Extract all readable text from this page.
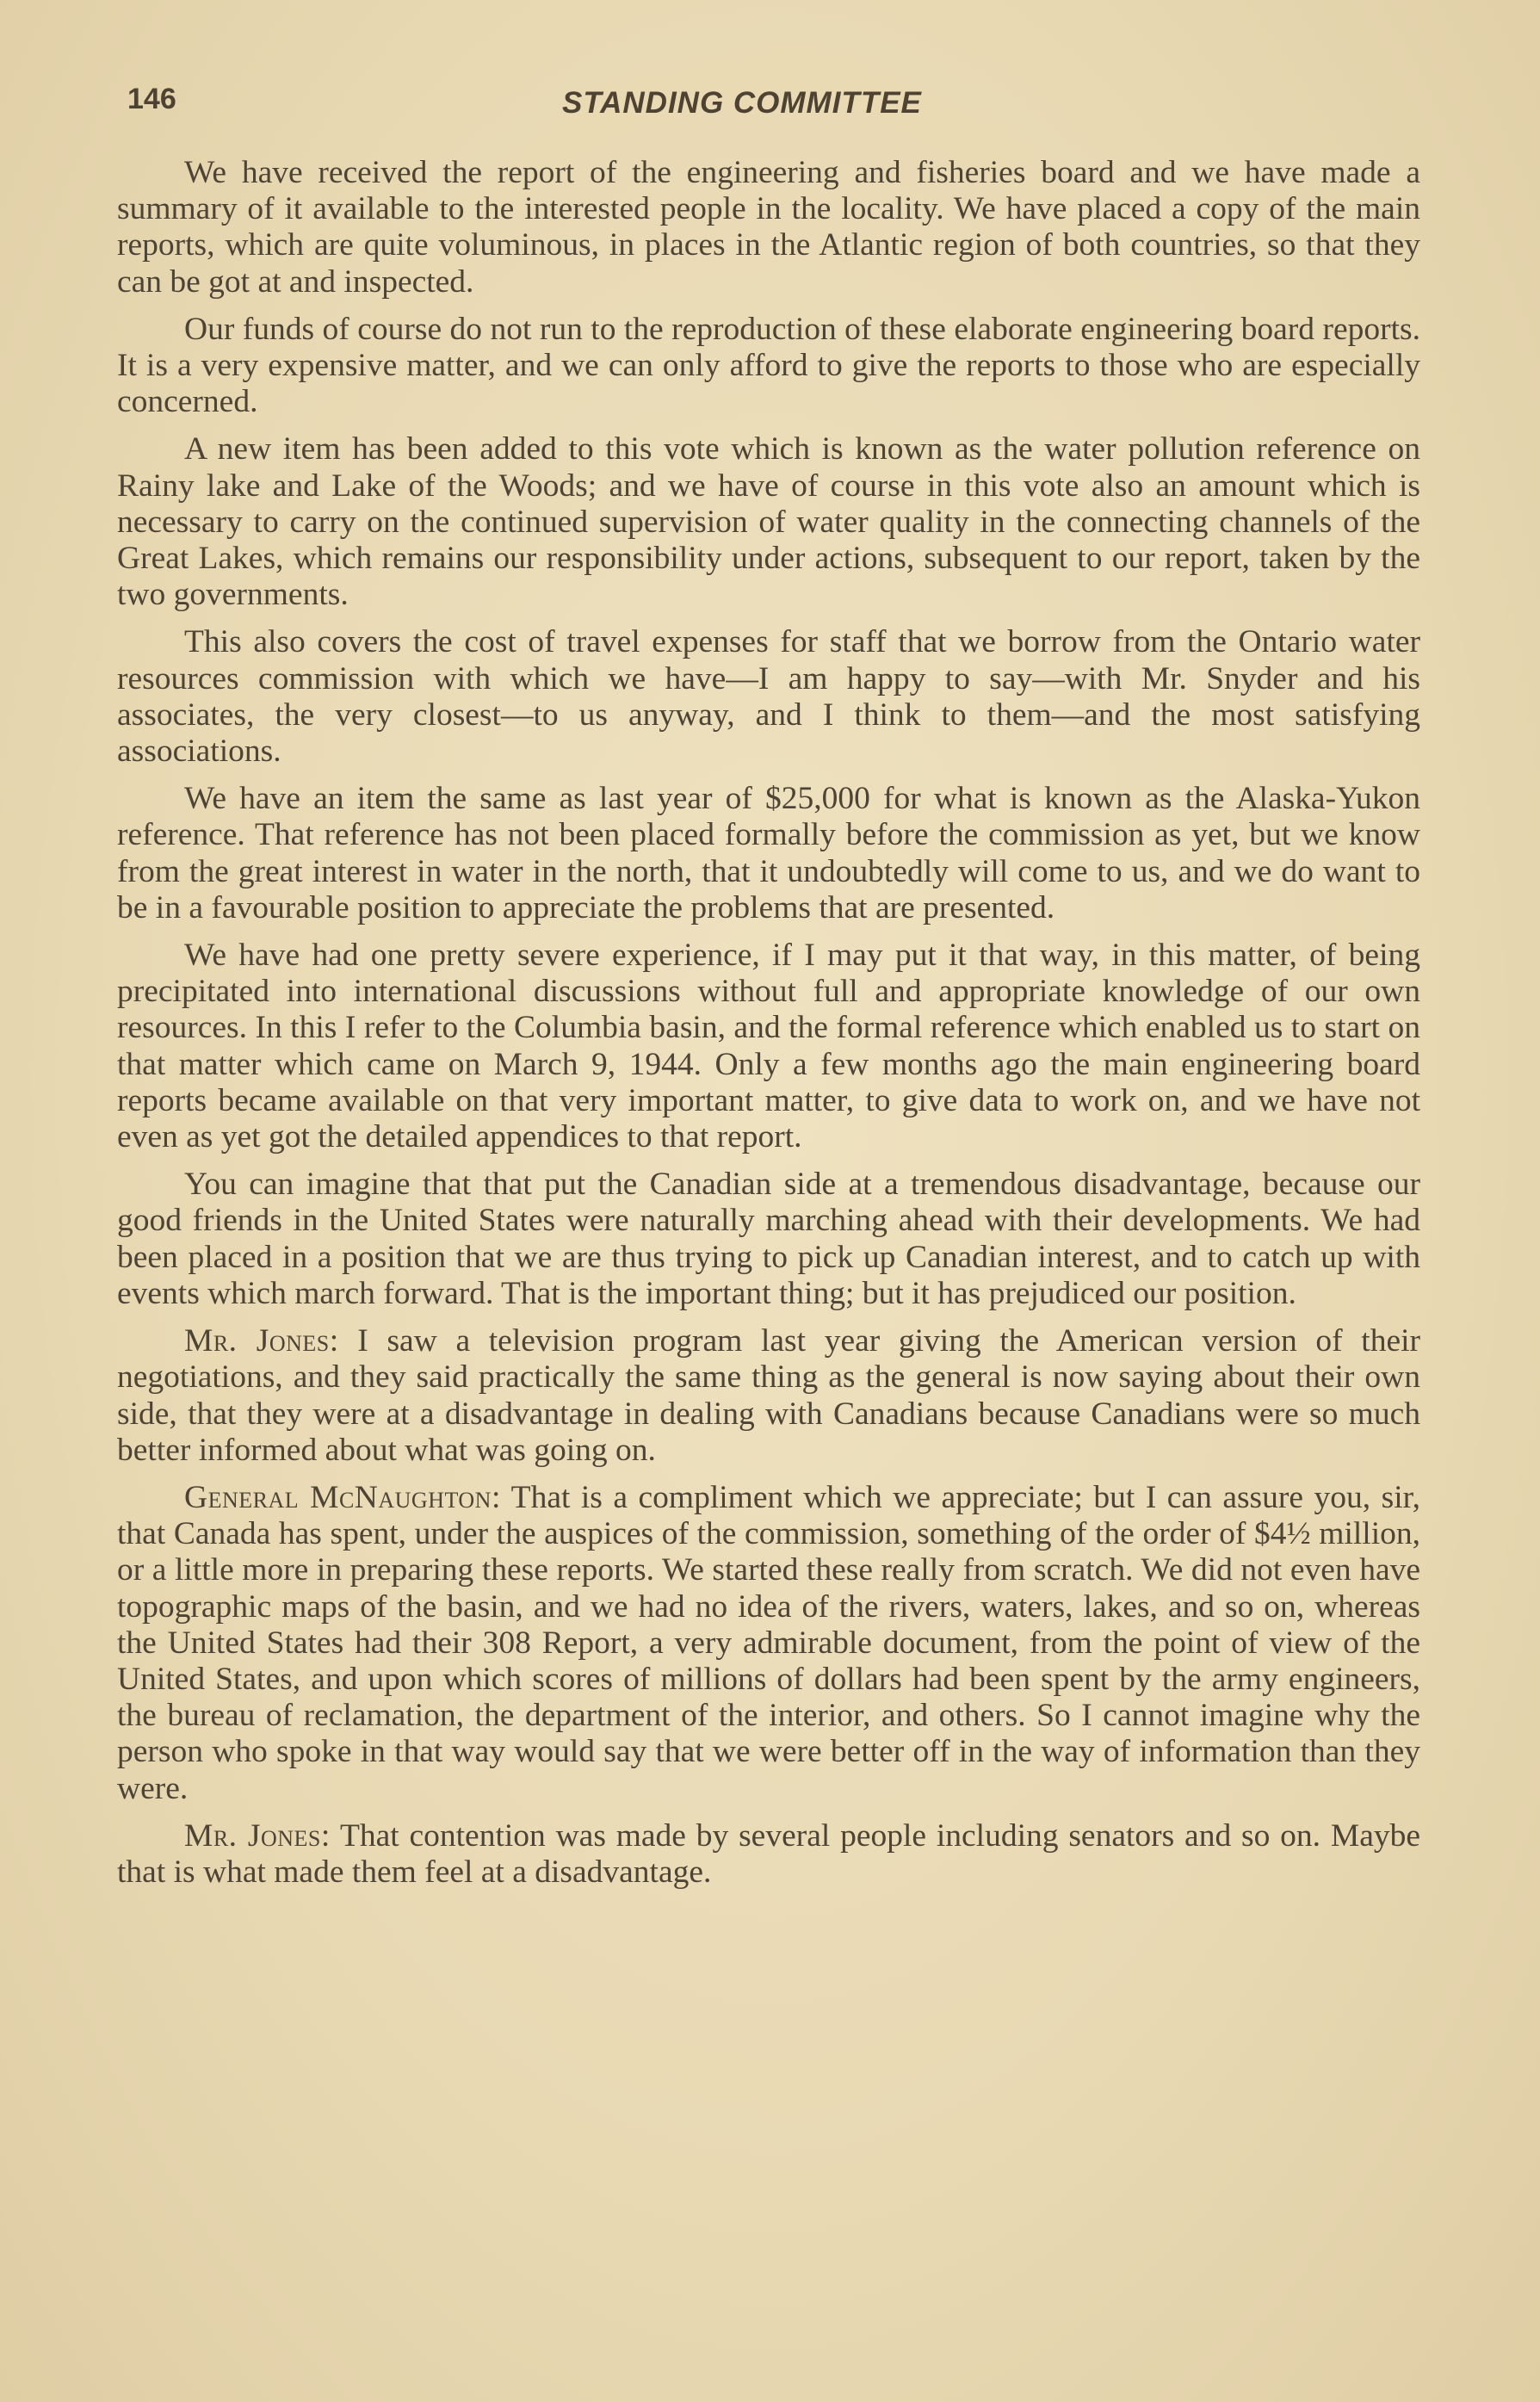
146	STANDING COMMITTEE

We have received the report of the engineering and fisheries board and we have made a summary of it available to the interested people in the locality. We have placed a copy of the main reports, which are quite voluminous, in places in the Atlantic region of both countries, so that they can be got at and inspected.

Our funds of course do not run to the reproduction of these elaborate engineering board reports. It is a very expensive matter, and we can only afford to give the reports to those who are especially concerned.

A new item has been added to this vote which is known as the water pollution reference on Rainy lake and Lake of the Woods; and we have of course in this vote also an amount which is necessary to carry on the continued supervision of water quality in the connecting channels of the Great Lakes, which remains our responsibility under actions, subsequent to our report, taken by the two governments.

This also covers the cost of travel expenses for staff that we borrow from the Ontario water resources commission with which we have—I am happy to say—with Mr. Snyder and his associates, the very closest—to us anyway, and I think to them—and the most satisfying associations.

We have an item the same as last year of $25,000 for what is known as the Alaska-Yukon reference. That reference has not been placed formally before the commission as yet, but we know from the great interest in water in the north, that it undoubtedly will come to us, and we do want to be in a favourable position to appreciate the problems that are presented.

We have had one pretty severe experience, if I may put it that way, in this matter, of being precipitated into international discussions without full and appropriate knowledge of our own resources. In this I refer to the Columbia basin, and the formal reference which enabled us to start on that matter which came on March 9, 1944. Only a few months ago the main engineering board reports became available on that very important matter, to give data to work on, and we have not even as yet got the detailed appendices to that report.

You can imagine that that put the Canadian side at a tremendous disadvantage, because our good friends in the United States were naturally marching ahead with their developments. We had been placed in a position that we are thus trying to pick up Canadian interest, and to catch up with events which march forward. That is the important thing; but it has prejudiced our position.

Mr. Jones: I saw a television program last year giving the American version of their negotiations, and they said practically the same thing as the general is now saying about their own side, that they were at a disadvantage in dealing with Canadians because Canadians were so much better informed about what was going on.

General McNaughton: That is a compliment which we appreciate; but I can assure you, sir, that Canada has spent, under the auspices of the commission, something of the order of $4½ million, or a little more in preparing these reports. We started these really from scratch. We did not even have topographic maps of the basin, and we had no idea of the rivers, waters, lakes, and so on, whereas the United States had their 308 Report, a very admirable document, from the point of view of the United States, and upon which scores of millions of dollars had been spent by the army engineers, the bureau of reclamation, the department of the interior, and others. So I cannot imagine why the person who spoke in that way would say that we were better off in the way of information than they were.

Mr. Jones: That contention was made by several people including senators and so on. Maybe that is what made them feel at a disadvantage.
